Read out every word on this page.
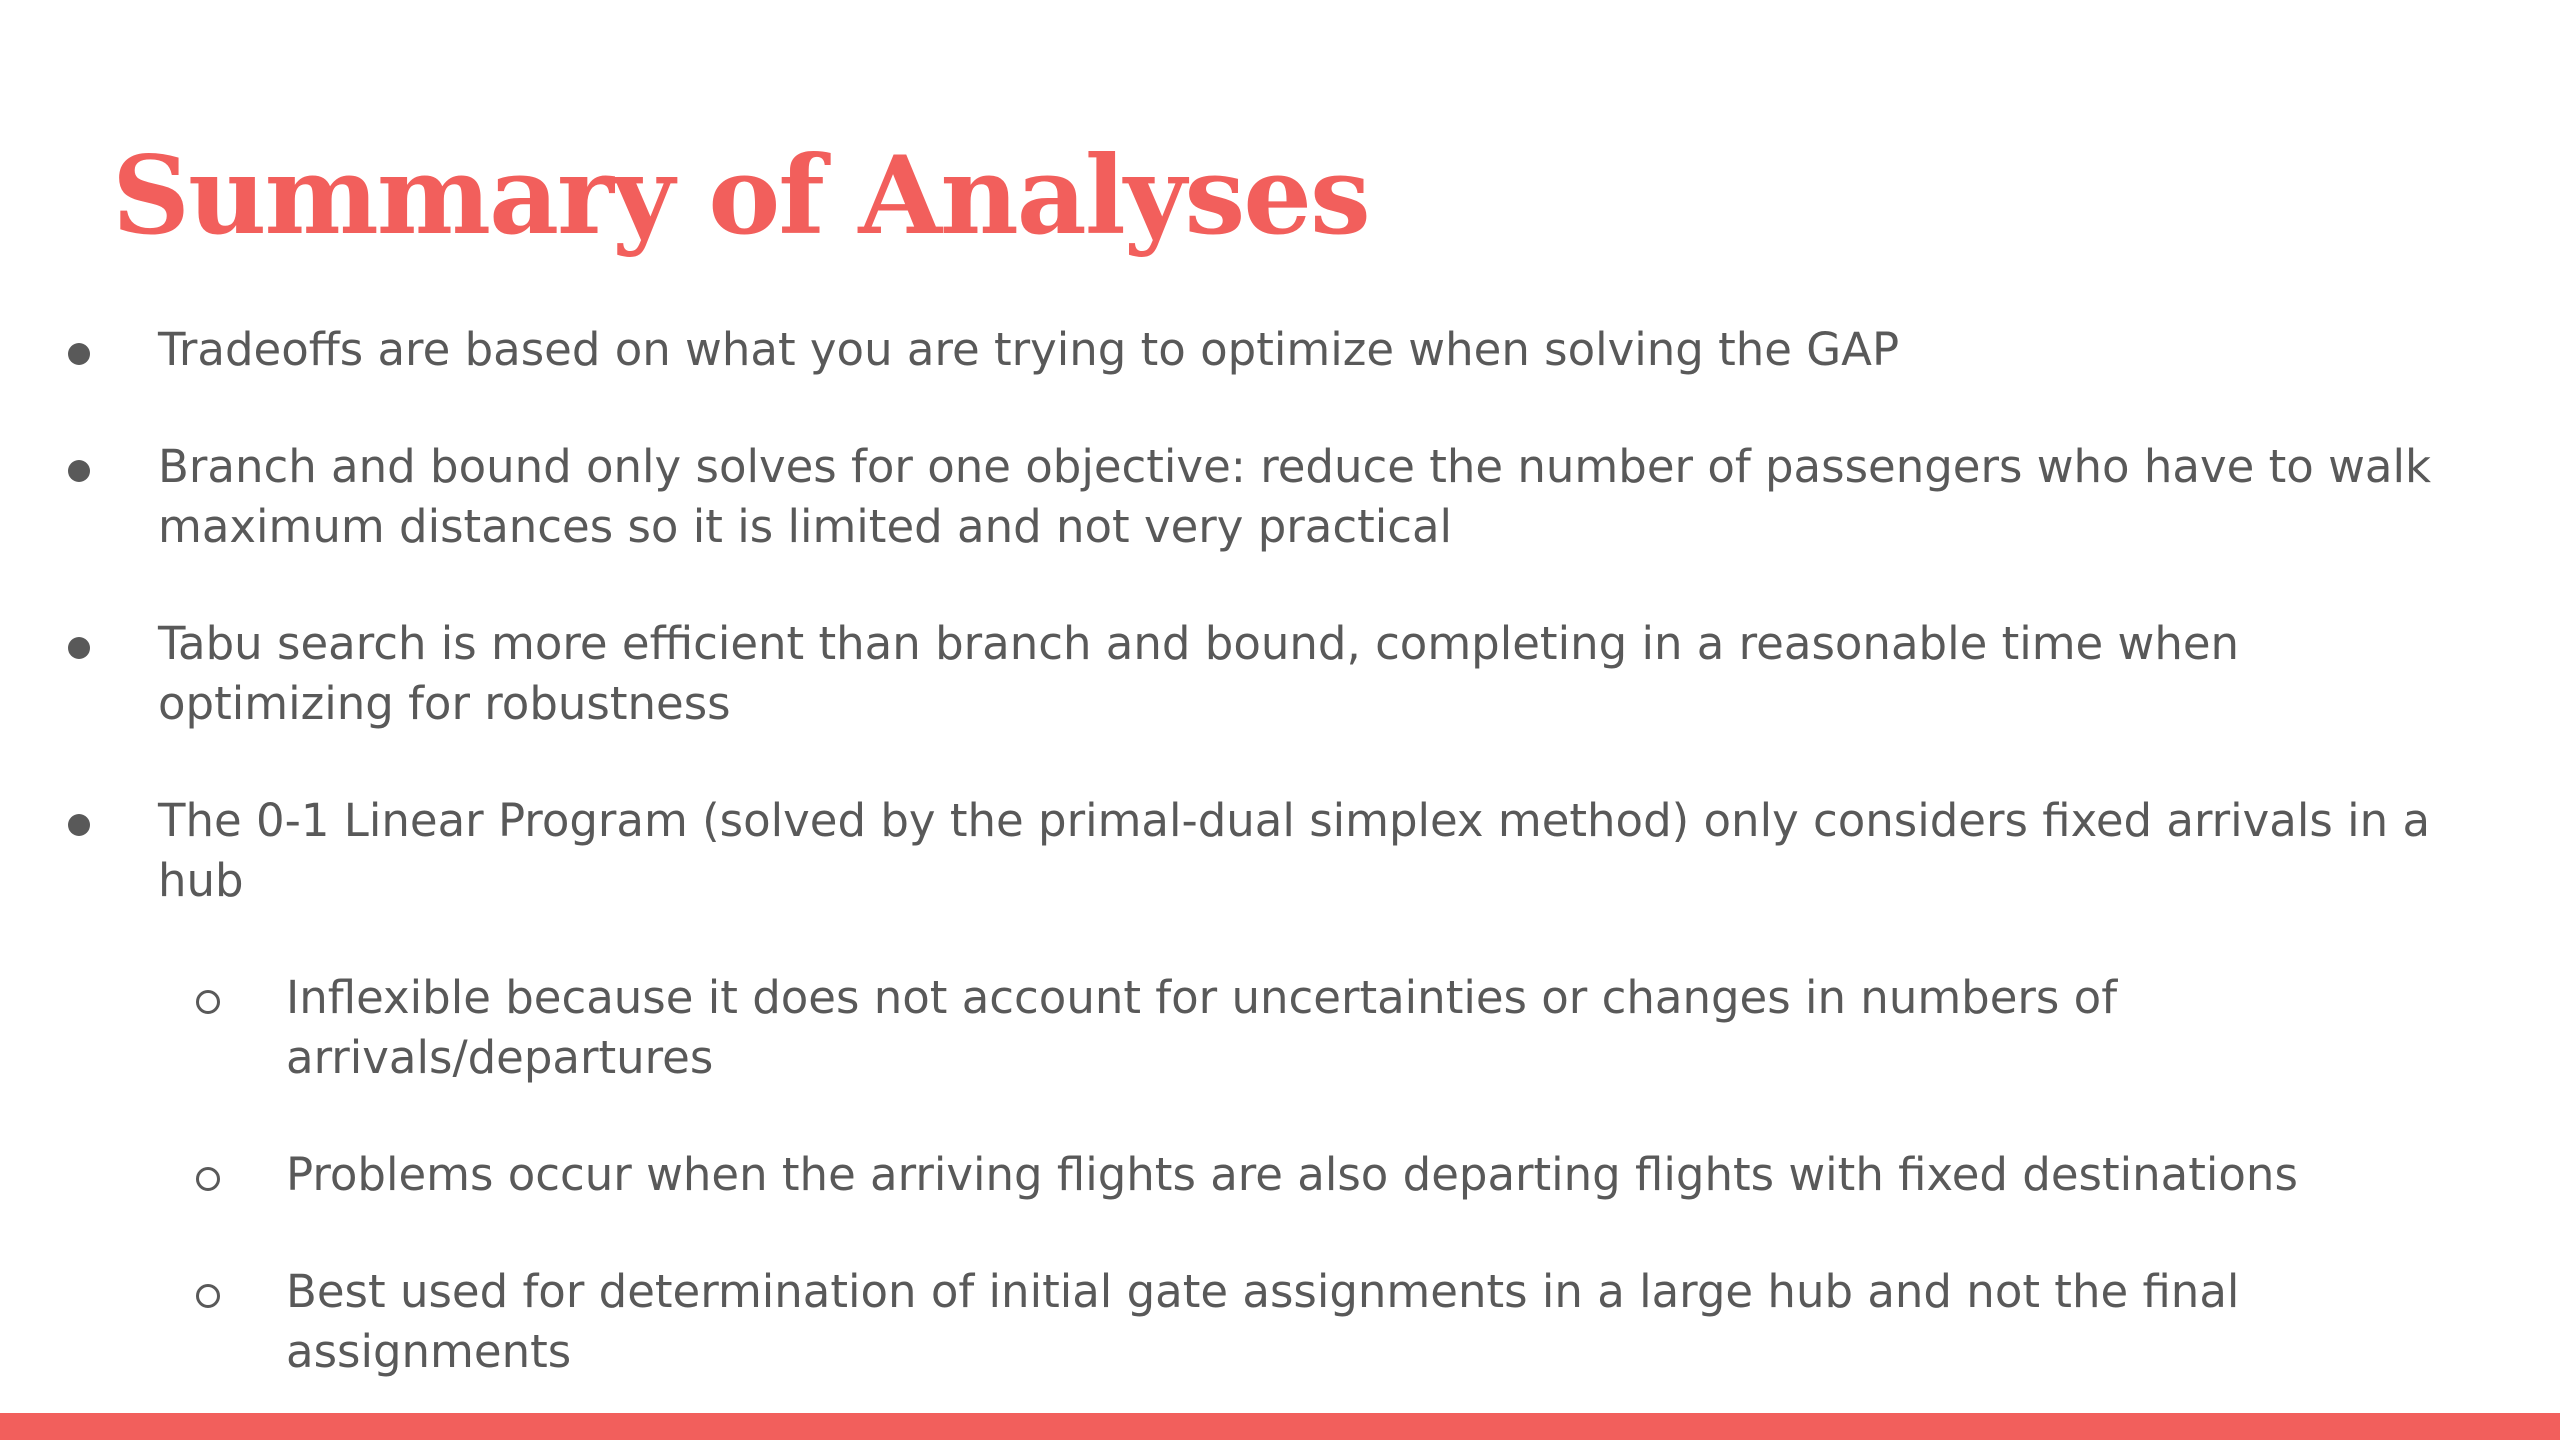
Summary of Analyses
Tradeoffs are based on what you are trying to optimize when solving the GAP
Branch and bound only solves for one objective: reduce the number of passengers who have to walk maximum distances so it is limited and not very practical
Tabu search is more efficient than branch and bound, completing in a reasonable time when optimizing for robustness
The 0-1 Linear Program (solved by the primal-dual simplex method) only considers fixed arrivals in a hub
Inflexible because it does not account for uncertainties or changes in numbers of arrivals/departures
Problems occur when the arriving flights are also departing flights with fixed destinations
Best used for determination of initial gate assignments in a large hub and not the final assignments
